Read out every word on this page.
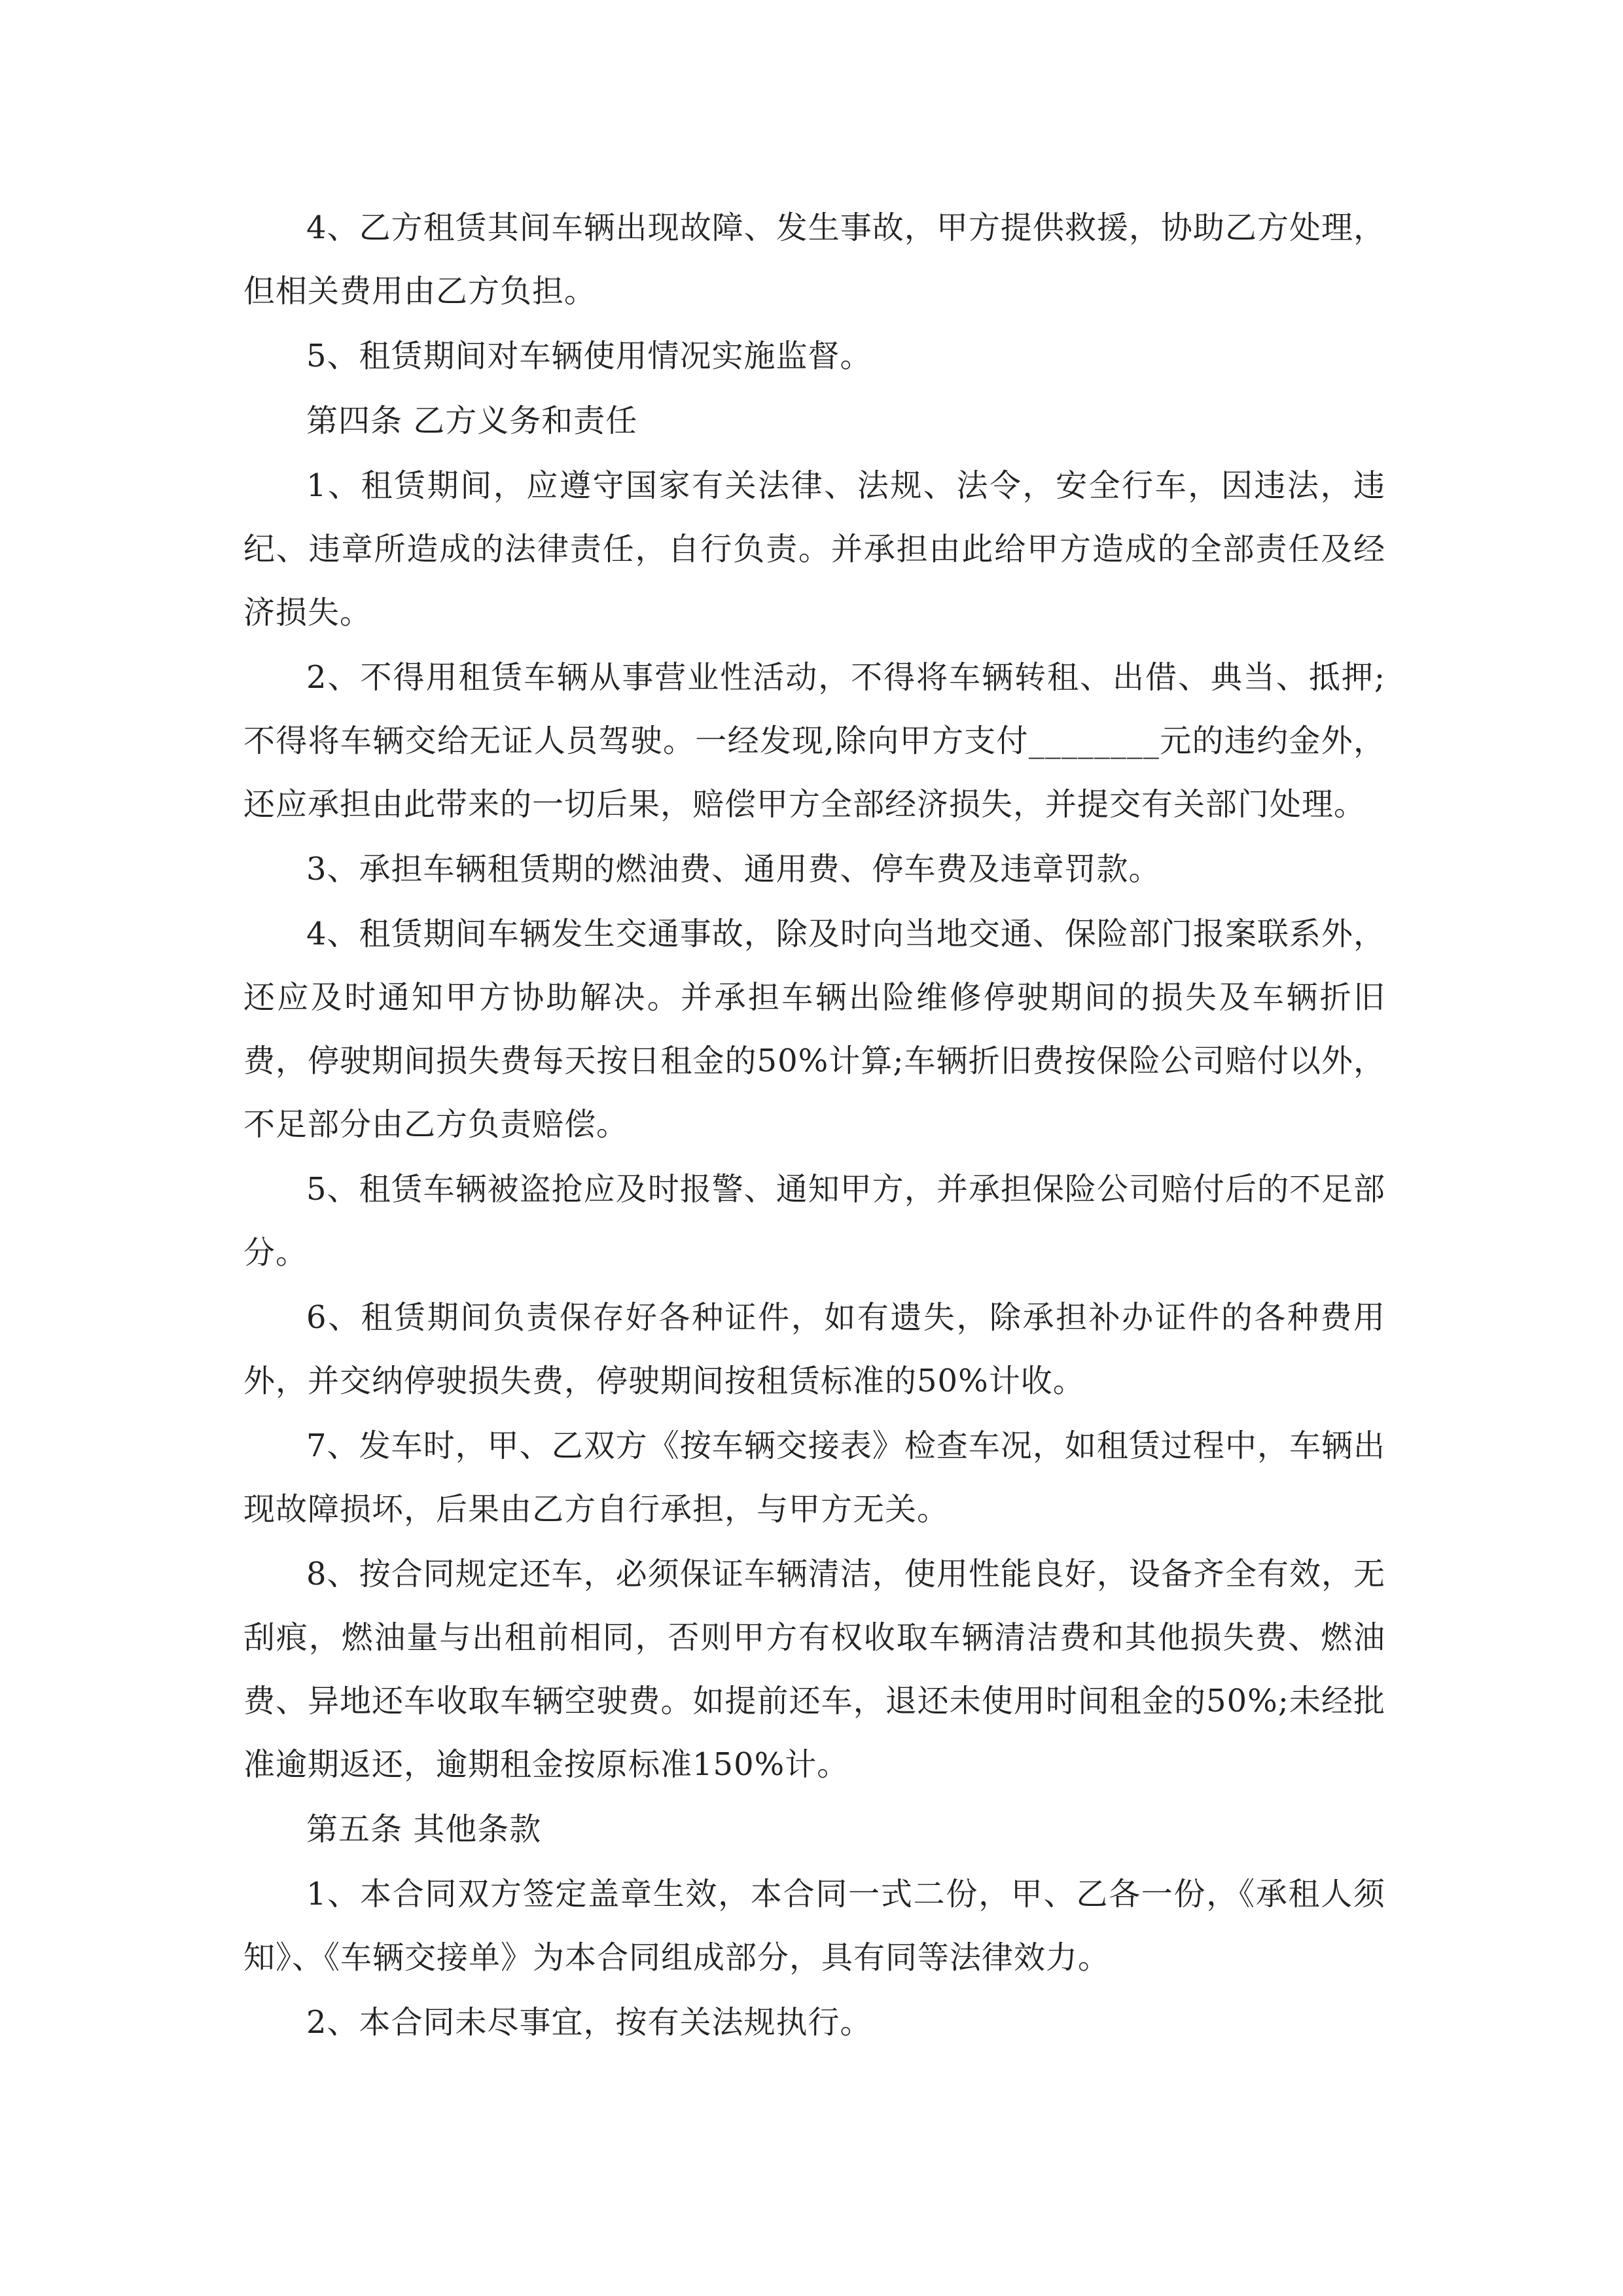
4、乙方租赁其间车辆出现故障、发生事故，甲方提供救援，协助乙方处理，但相关费用由乙方负担。

5、租赁期间对车辆使用情况实施监督。

第四条 乙方义务和责任

1、租赁期间，应遵守国家有关法律、法规、法令，安全行车，因违法，违纪、违章所造成的法律责任，自行负责。并承担由此给甲方造成的全部责任及经济损失。

2、不得用租赁车辆从事营业性活动，不得将车辆转租、出借、典当、抵押;不得将车辆交给无证人员驾驶。一经发现,除向甲方支付________元的违约金外，还应承担由此带来的一切后果，赔偿甲方全部经济损失，并提交有关部门处理。

3、承担车辆租赁期的燃油费、通用费、停车费及违章罚款。

4、租赁期间车辆发生交通事故，除及时向当地交通、保险部门报案联系外，还应及时通知甲方协助解决。并承担车辆出险维修停驶期间的损失及车辆折旧费，停驶期间损失费每天按日租金的50%计算;车辆折旧费按保险公司赔付以外，不足部分由乙方负责赔偿。

5、租赁车辆被盗抢应及时报警、通知甲方，并承担保险公司赔付后的不足部分。

6、租赁期间负责保存好各种证件，如有遗失，除承担补办证件的各种费用外，并交纳停驶损失费，停驶期间按租赁标准的50%计收。

7、发车时，甲、乙双方《按车辆交接表》检查车况，如租赁过程中，车辆出现故障损坏，后果由乙方自行承担，与甲方无关。

8、按合同规定还车，必须保证车辆清洁，使用性能良好，设备齐全有效，无刮痕，燃油量与出租前相同，否则甲方有权收取车辆清洁费和其他损失费、燃油费、异地还车收取车辆空驶费。如提前还车，退还未使用时间租金的50%;未经批准逾期返还，逾期租金按原标准150%计。

第五条 其他条款

1、本合同双方签定盖章生效，本合同一式二份，甲、乙各一份，《承租人须知》、《车辆交接单》为本合同组成部分，具有同等法律效力。

2、本合同未尽事宜，按有关法规执行。
